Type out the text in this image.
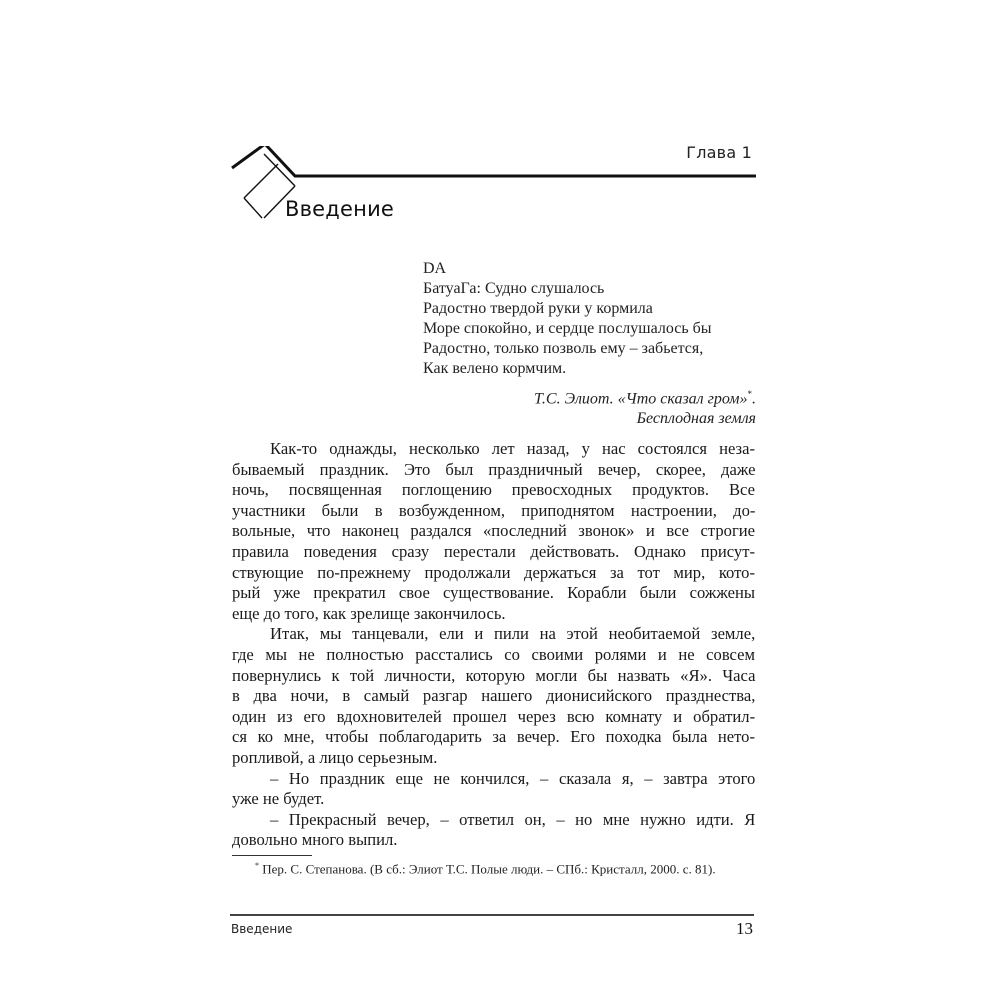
Глава 1
Введение
DA
БатуаГа: Судно слушалось
Радостно твердой руки у кормила
Море спокойно, и сердце послушалось бы
Радостно, только позволь ему – забьется,
Как велено кормчим.
Т.С. Элиот. «Что сказал гром»*.
Бесплодная земля
Как-то однажды, несколько лет назад, у нас состоялся неза-
бываемый праздник. Это был праздничный вечер, скорее, даже
ночь, посвященная поглощению превосходных продуктов. Все
участники были в возбужденном, приподнятом настроении, до-
вольные, что наконец раздался «последний звонок» и все строгие
правила поведения сразу перестали действовать. Однако присут-
ствующие по-прежнему продолжали держаться за тот мир, кото-
рый уже прекратил свое существование. Корабли были сожжены
еще до того, как зрелище закончилось.
Итак, мы танцевали, ели и пили на этой необитаемой земле,
где мы не полностью расстались со своими ролями и не совсем
повернулись к той личности, которую могли бы назвать «Я». Часа
в два ночи, в самый разгар нашего дионисийского празднества,
один из его вдохновителей прошел через всю комнату и обратил-
ся ко мне, чтобы поблагодарить за вечер. Его походка была нето-
ропливой, а лицо серьезным.
– Но праздник еще не кончился, – сказала я, – завтра этого
уже не будет.
– Прекрасный вечер, – ответил он, – но мне нужно идти. Я
довольно много выпил.
* Пер. С. Степанова. (В сб.: Элиот Т.С. Полые люди. – СПб.: Кристалл, 2000. с. 81).
Введение	13
